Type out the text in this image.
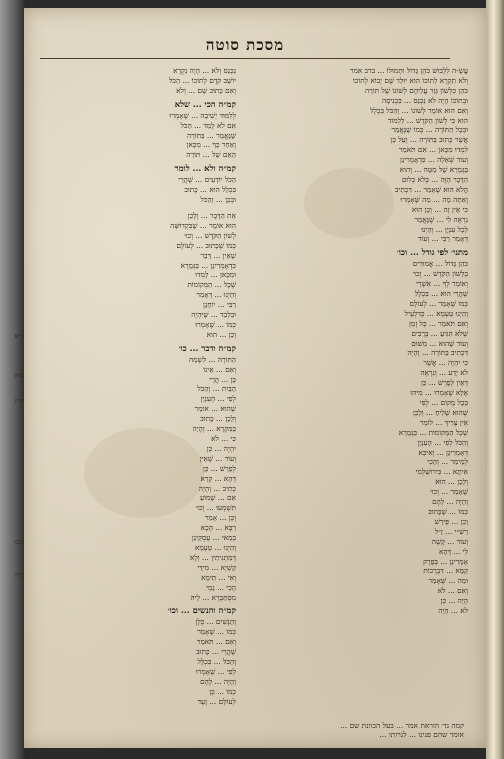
מסכת סוטה
עֲשָׂ-ה לִלְבוּשׁ כֹּהֵן גָּדוֹל וּתְמוּלוֹ ... ברב אמר
וְלֹא תִקְרָא לְתוֹכוֹ הוּא יוּלַד שֶׁם יָבוֹא לְתוֹכוֹ
כֹּהֵן כִּלְשׁוֹן גְּזָר עֲלֵיהֶם לְשׁוֹנוֹ שֶׁל תּוֹרָה
וּבְתוֹכוֹ הָיָה לֹא נִכְנַס ... בִּכְנִיסָה
וְאִם הוּא אוֹמֵר לְשׁוֹנוֹ ... וְהַכֹּל בִּכְלָל
הוּא כִּי לְשׁוֹן הַקֹּדֶשׁ ... לִלְמוֹד
וּבְכָל הַתּוֹרָה ... כְּמוֹ שֶׁנֶּאֱמַר
אֲשֶׁר כָּתוּב בַּתּוֹרָה ... וְעַל כֵּן
לִמְדוּ מִכָּאן ... אִם תֹּאמַר
וְעוֹד שְׁאֵלָה ... כִּדְאָמְרִינַן
בַּגְּמָרָא שֶׁל מַטָּה ... וְהוּא
הַדָּבָר הַזֶּה ... בְּלֹא כְּלוּם
הֲלֹא הוּא שֶׁאָמַר ... דִּכְתִיב
וְאַתָּה מָה ... מַה שֶּׁאָמְרוּ
כִּי אֵין זֶה ... וְכֵן הוּא
נִרְאֶה לִי ... שֶׁנֶּאֱמַר
לְכָל עִנְיָן ... וְהַיְנוּ
דְּאָמַר רַבִּי ... וְעוֹד
מתני׳ לפי גודל ... וכו׳
כֹּהֵן גָּדוֹל ... אֲמוּרִים
בְּלָשׁוֹן הַקֹּדֶשׁ ... וְכוּ׳
וְאוֹמֵר לְךָ ... אַשְׁרֵי
שֶׁהֲרֵי הוּא ... בִּכְלָל
כְּמוֹ שֶׁאָמַר ... לְעוֹלָם
וְהַיְנוּ טַעְמָא ... כְּדִלְעֵיל
וְאִם תֹּאמַר ... כָּל זְמַן
שֶׁלֹּא הִגִּיעַ ... בָּרָבִים
וְעוֹד שֶׁהוּא ... מִשּׁוּם
דִּכְתִיב בַּתּוֹרָה ... וְהָיָה
כִּי יִהְיֶה ... אֲשֶׁר
לֹא יָדַע ... וְנִרְאֶה
דְּאֵין לְפָרֵשׁ ... כֵּן
אֶלָּא שֶׁאָמְרוּ ... מִיהוּ
בְּכָל מָקוֹם ... לְפִי
שֶׁהוּא שָׁלִיחַ ... וְלָכֵן
אֵין צָרִיךְ ... לוֹמַר
שֶׁכָּל הַמְּקוֹמוֹת ... בַּגְּמָרָא
וְהַכֹּל לְפִי ... הָעִנְיָן
דְּאָמְרִינַן ... וְאִיכָּא
לְמֵימַר ... וְהָכִי
אִיתָא ... בִּירוּשַׁלְמִי
וְלָכֵן ... הוּא
שֶׁאָמַר ... וְכוּ׳
וְהָיָה ... לָהֶם
כְּמוֹ ... שֶׁכָּתוּב
וְכֵן ... פֵּירֵשׁ
רַשִׁ״י ... זַ״ל
וְעוֹד ... קָשֶׁה
לִי ... דְּהָא
אָמְרִינַן ... בְּפֶרֶק
קַמָּא ... דִּבְרָכוֹת
וּמַה ... שֶּׁאָמַר
וְאִם ... לֹא
הָיָה ... כֵּן
לֹא ... הָיָה
נִכְנַס וְלֹא ... הָיָה נִקְרָא
יוֹשֵׁב קֹדֶם לְתוֹכוֹ ... הַכֹּל
וְאִם כָּתוּב שָׁם ... וְלֹא
קמ״ה הכי ... שלא
לְלִמּוּד יְשִׁיבָה ... שֶׁאָמְרוּ
אִם לֹא לָמַד ... הַכֹּל
שֶׁנֶּאֱמַר ... בַּתּוֹרָה
וְאַחַר כָּךְ ... מִכָּאן
הָאֵם שֶׁל ... תּוֹרָה
קמ״ה ולא ... לומר
הַכֹּל יוֹדְעִים ... שֶׁהֲרֵי
בִּכְלַל הוּא ... כָּתוּב
וּבְכֵן ... וְהַכֹּל
אֵת הַדָּבָר ... וְלָכֵן
הוּא אוֹמֵר ... שֶׁבִּקְדוּשָּׁה
לְשׁוֹן הַקֹּדֶשׁ ... וְכוּ׳
כְּמוֹ שֶׁכָּתוּב ... לְעוֹלָם
שֶׁאֵין ... דָּבָר
כִּדְאָמְרִינַן ... בַּגְּמָרָא
וּמִכָּאן ... לָמְדוּ
שֶׁכָּל ... הַמְּקוֹמוֹת
וְהַיְנוּ ... דְּאָמַר
רַבִּי ... יוֹחָנָן
וּבִלְבַד ... שֶׁיִּהְיֶה
כְּמוֹ ... שֶׁאָמְרוּ
וְכֵן ... הוּא
קמ״ה ודבר ... כו׳
הַתּוֹרָה ... לִשְׁמָהּ
וְאִם ... אֵינוֹ
כֵּן ... הֲרֵי
הַבַּיִת ... וְהַכֹּל
לְפִי ... הָעִנְיָן
שֶׁהוּא ... אוֹמֵר
וְלָכֵן ... כָּתוּב
בַּמִּקְרָא ... וְהָיָה
כִּי ... לֹא
יִהְיֶה ... כֵּן
וְעוֹד ... שֶׁאֵין
לְפָרֵשׁ ... כֵּן
דְּהָא ... קְרָא
כְּתִיב ... וְהָיָה
אִם ... שָׁמוֹעַ
תִּשְׁמְעוּ ... וְכוּ׳
וְכֵן ... אָמַר
רַבָּא ... הָכָא
בְּמַאי ... עָסְקִינַן
וְהַיְנוּ ... טַעְמָא
דְּמַתְנִיתִין ... וְלָא
קַשְׁיָא ... מִידֵּי
וְאִי ... תֵּימָא
הָכִי ... נָמֵי
מִסְתַּבְּרָא ... לֵיהּ
קמ״ה והנשים ... וכו׳
וְהַנָּשִׁים ... כֻּלָּן
כְּמוֹ ... שֶׁאָמַר
וְאִם ... תֹּאמַר
שֶׁהֲרֵי ... כָּתוּב
וְהַכֹּל ... בִּכְלָל
לְפִי ... שֶׁאָמְרוּ
וְהָיָה ... לָהֶם
כְּמוֹ ... כֵּן
לְעוֹלָם ... וָעֶד
ד״א
ס״א
עיין
תוס׳
ג״ה
קמה נד׳ הוראת אמר ... בעל הכוונת שם ...
אומר שהם פנינו ... לנרותו ...
